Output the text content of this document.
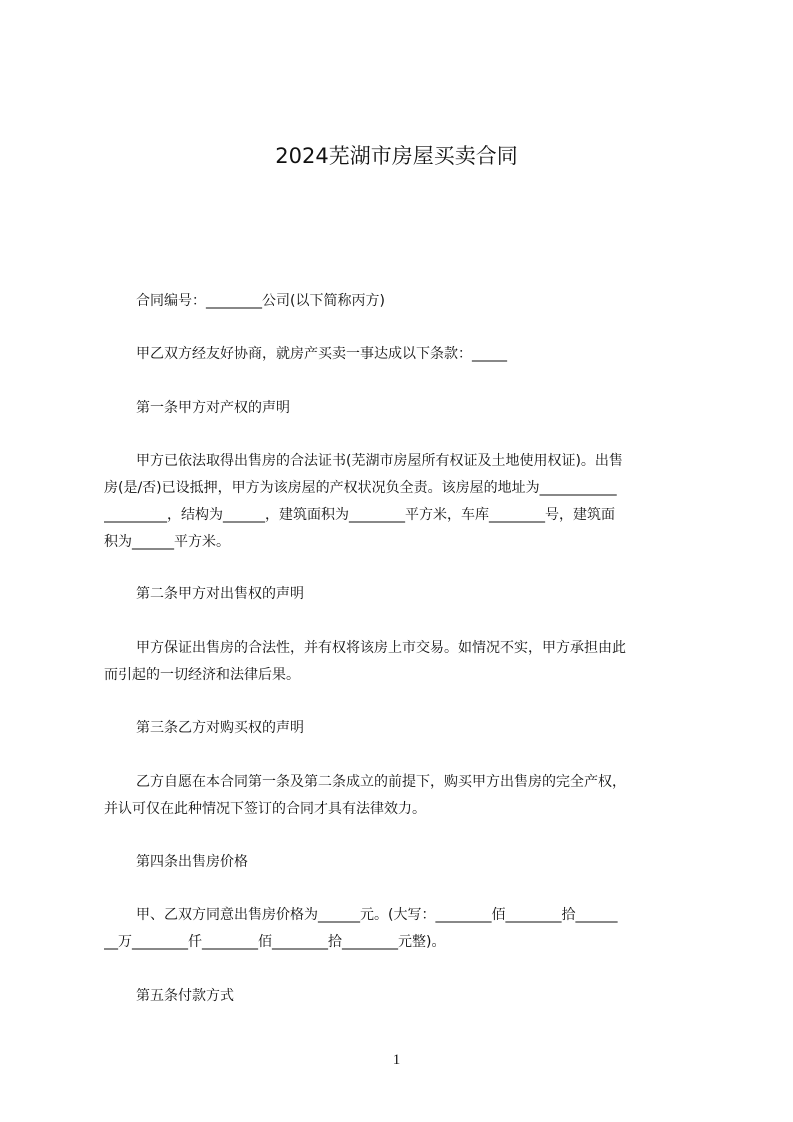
2024芜湖市房屋买卖合同

合同编号：________公司(以下简称丙方)

甲乙双方经友好协商，就房产买卖一事达成以下条款：_____

第一条甲方对产权的声明

甲方已依法取得出售房的合法证书(芜湖市房屋所有权证及土地使用权证)。出售

房(是/否)已设抵押，甲方为该房屋的产权状况负全责。该房屋的地址为___________

_________，结构为______，建筑面积为________平方米，车库________号，建筑面

积为______平方米。

第二条甲方对出售权的声明

甲方保证出售房的合法性，并有权将该房上市交易。如情况不实，甲方承担由此

而引起的一切经济和法律后果。

第三条乙方对购买权的声明

乙方自愿在本合同第一条及第二条成立的前提下，购买甲方出售房的完全产权，

并认可仅在此种情况下签订的合同才具有法律效力。

第四条出售房价格

甲、乙双方同意出售房价格为______元。(大写：________佰________拾______

__万________仟________佰________拾________元整)。

第五条付款方式

1
